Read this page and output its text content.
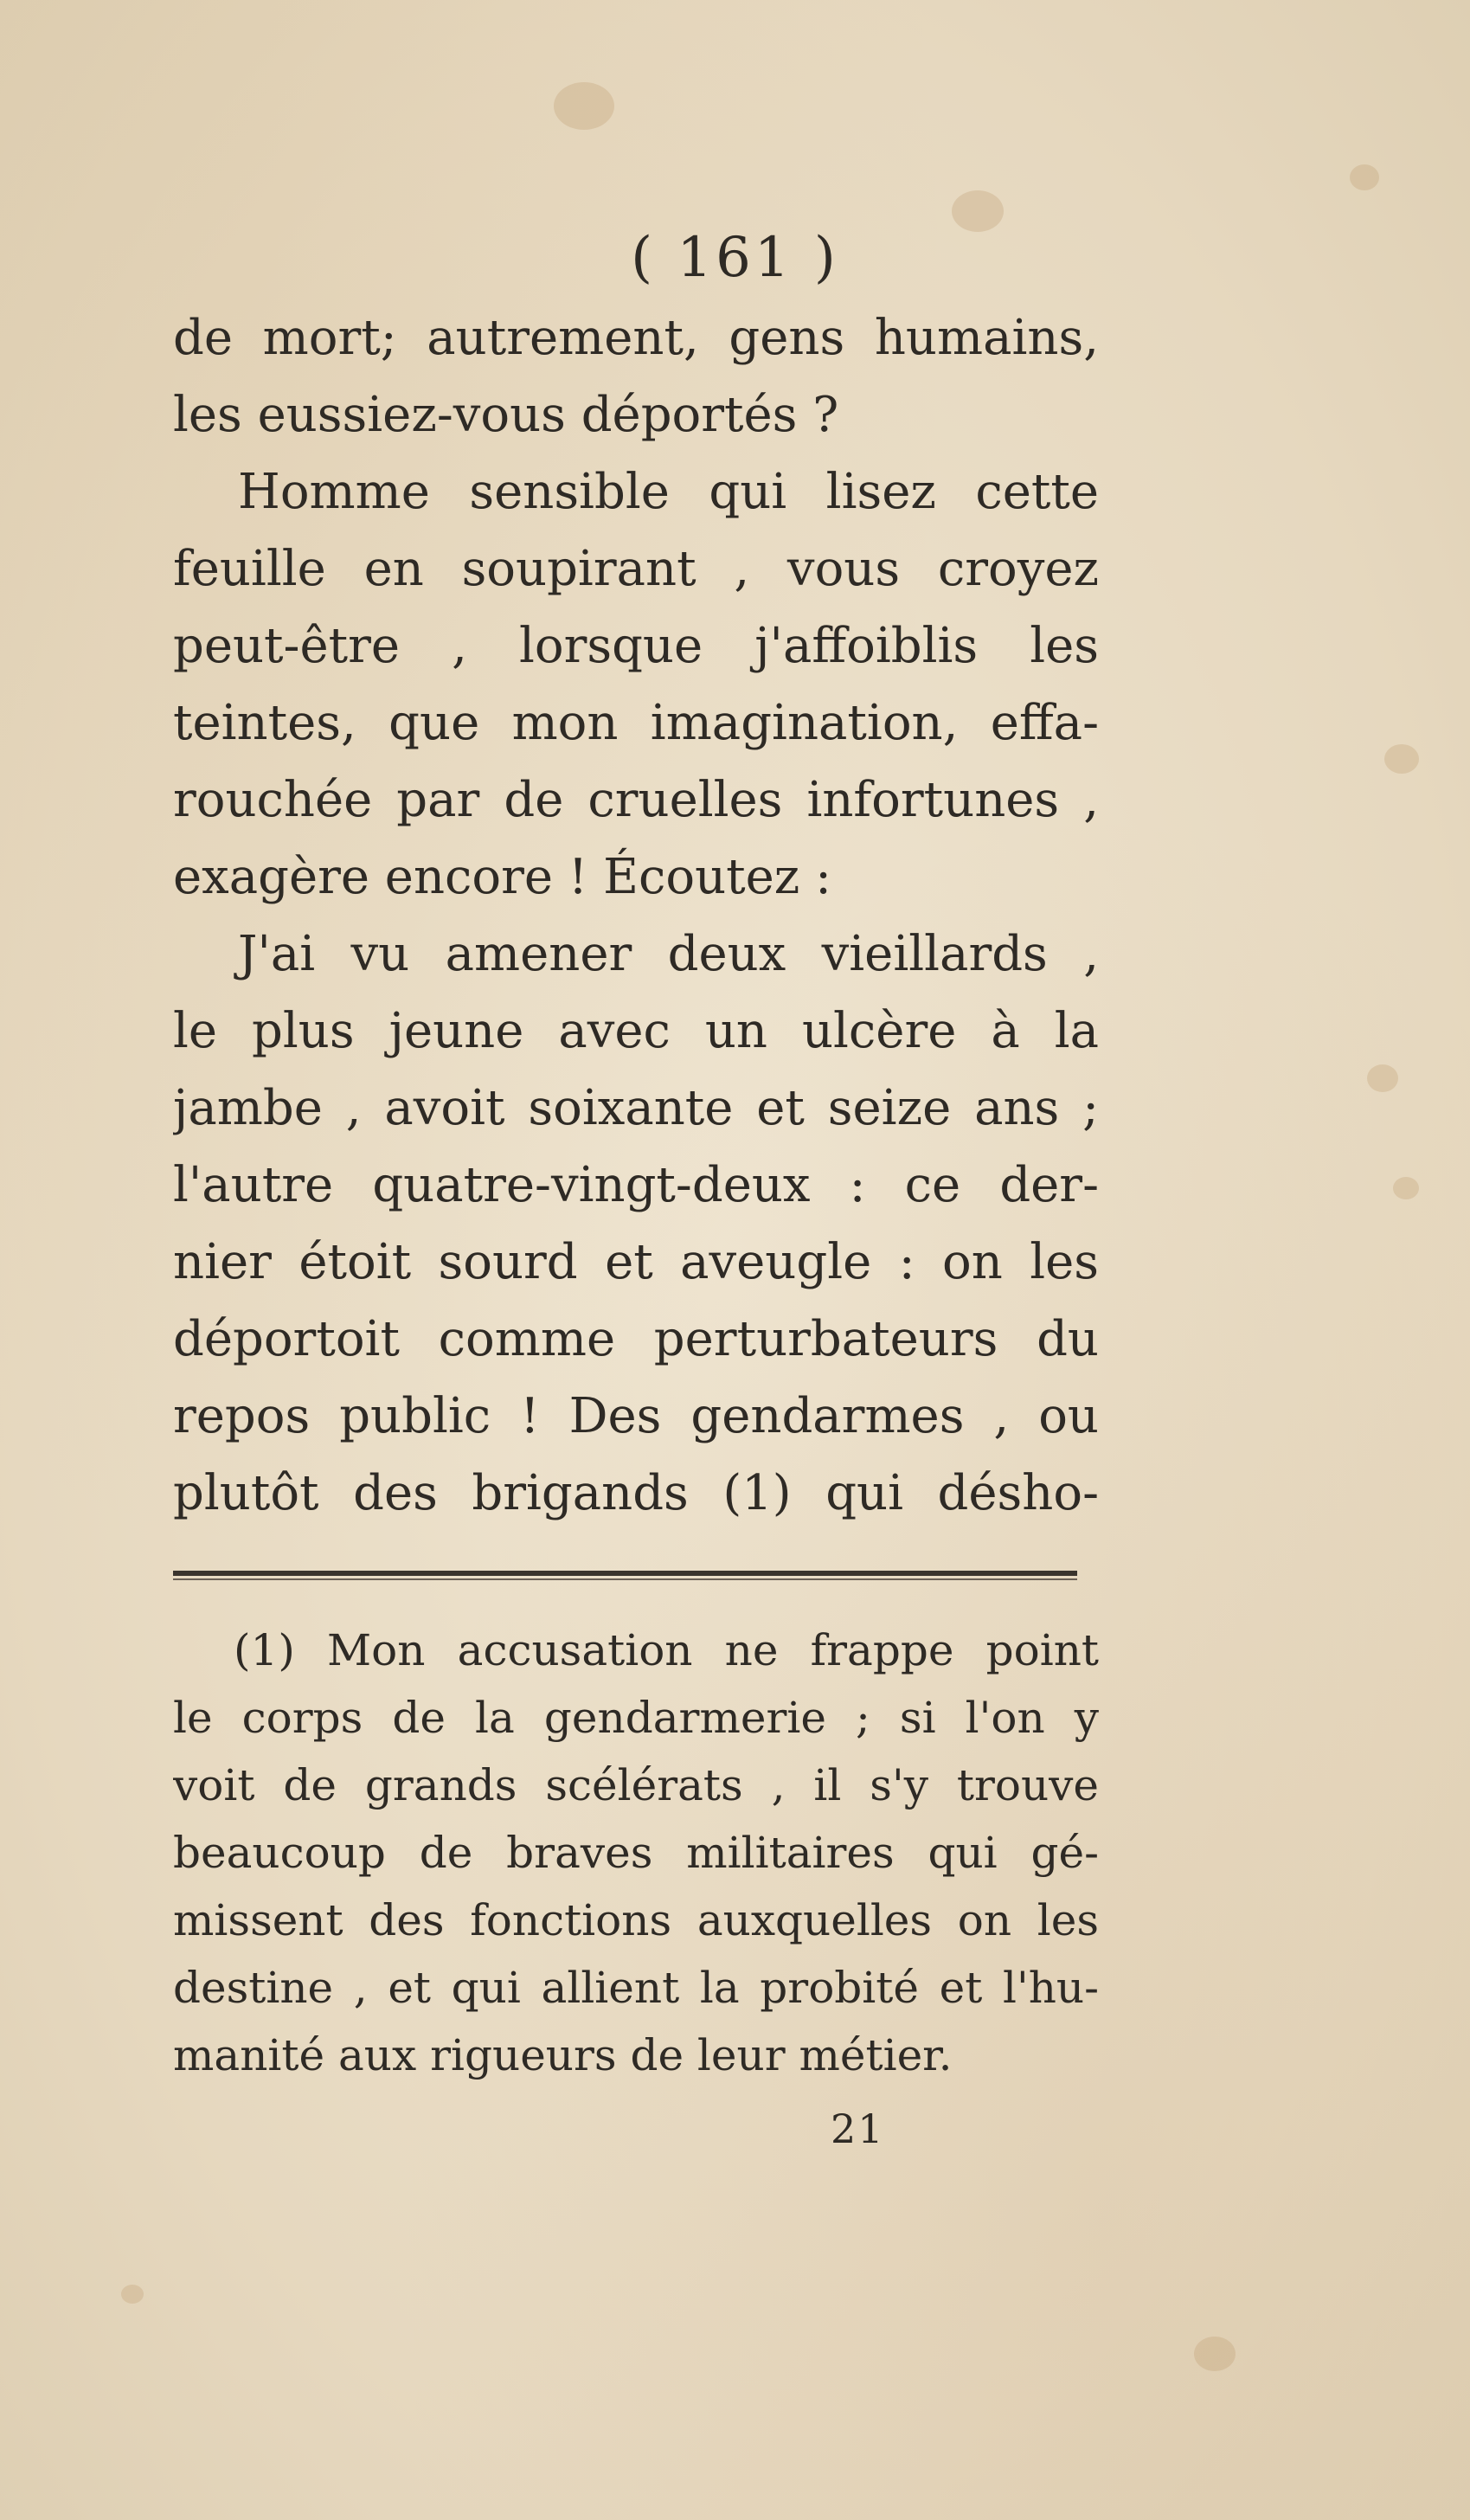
( 161 )
de mort; autrement, gens humains,
les eussiez-vous déportés ?
Homme sensible qui lisez cette
feuille en soupirant , vous croyez
peut-être , lorsque j'affoiblis les
teintes, que mon imagination, effa-
rouchée par de cruelles infortunes ,
exagère encore ! Écoutez :
J'ai vu amener deux vieillards ,
le plus jeune avec un ulcère à la
jambe , avoit soixante et seize ans ;
l'autre quatre-vingt-deux : ce der-
nier étoit sourd et aveugle : on les
déportoit comme perturbateurs du
repos public ! Des gendarmes , ou
plutôt des brigands (1) qui désho-
(1) Mon accusation ne frappe point
le corps de la gendarmerie ; si l'on y
voit de grands scélérats , il s'y trouve
beaucoup de braves militaires qui gé-
missent des fonctions auxquelles on les
destine , et qui allient la probité et l'hu-
manité aux rigueurs de leur métier.
21
